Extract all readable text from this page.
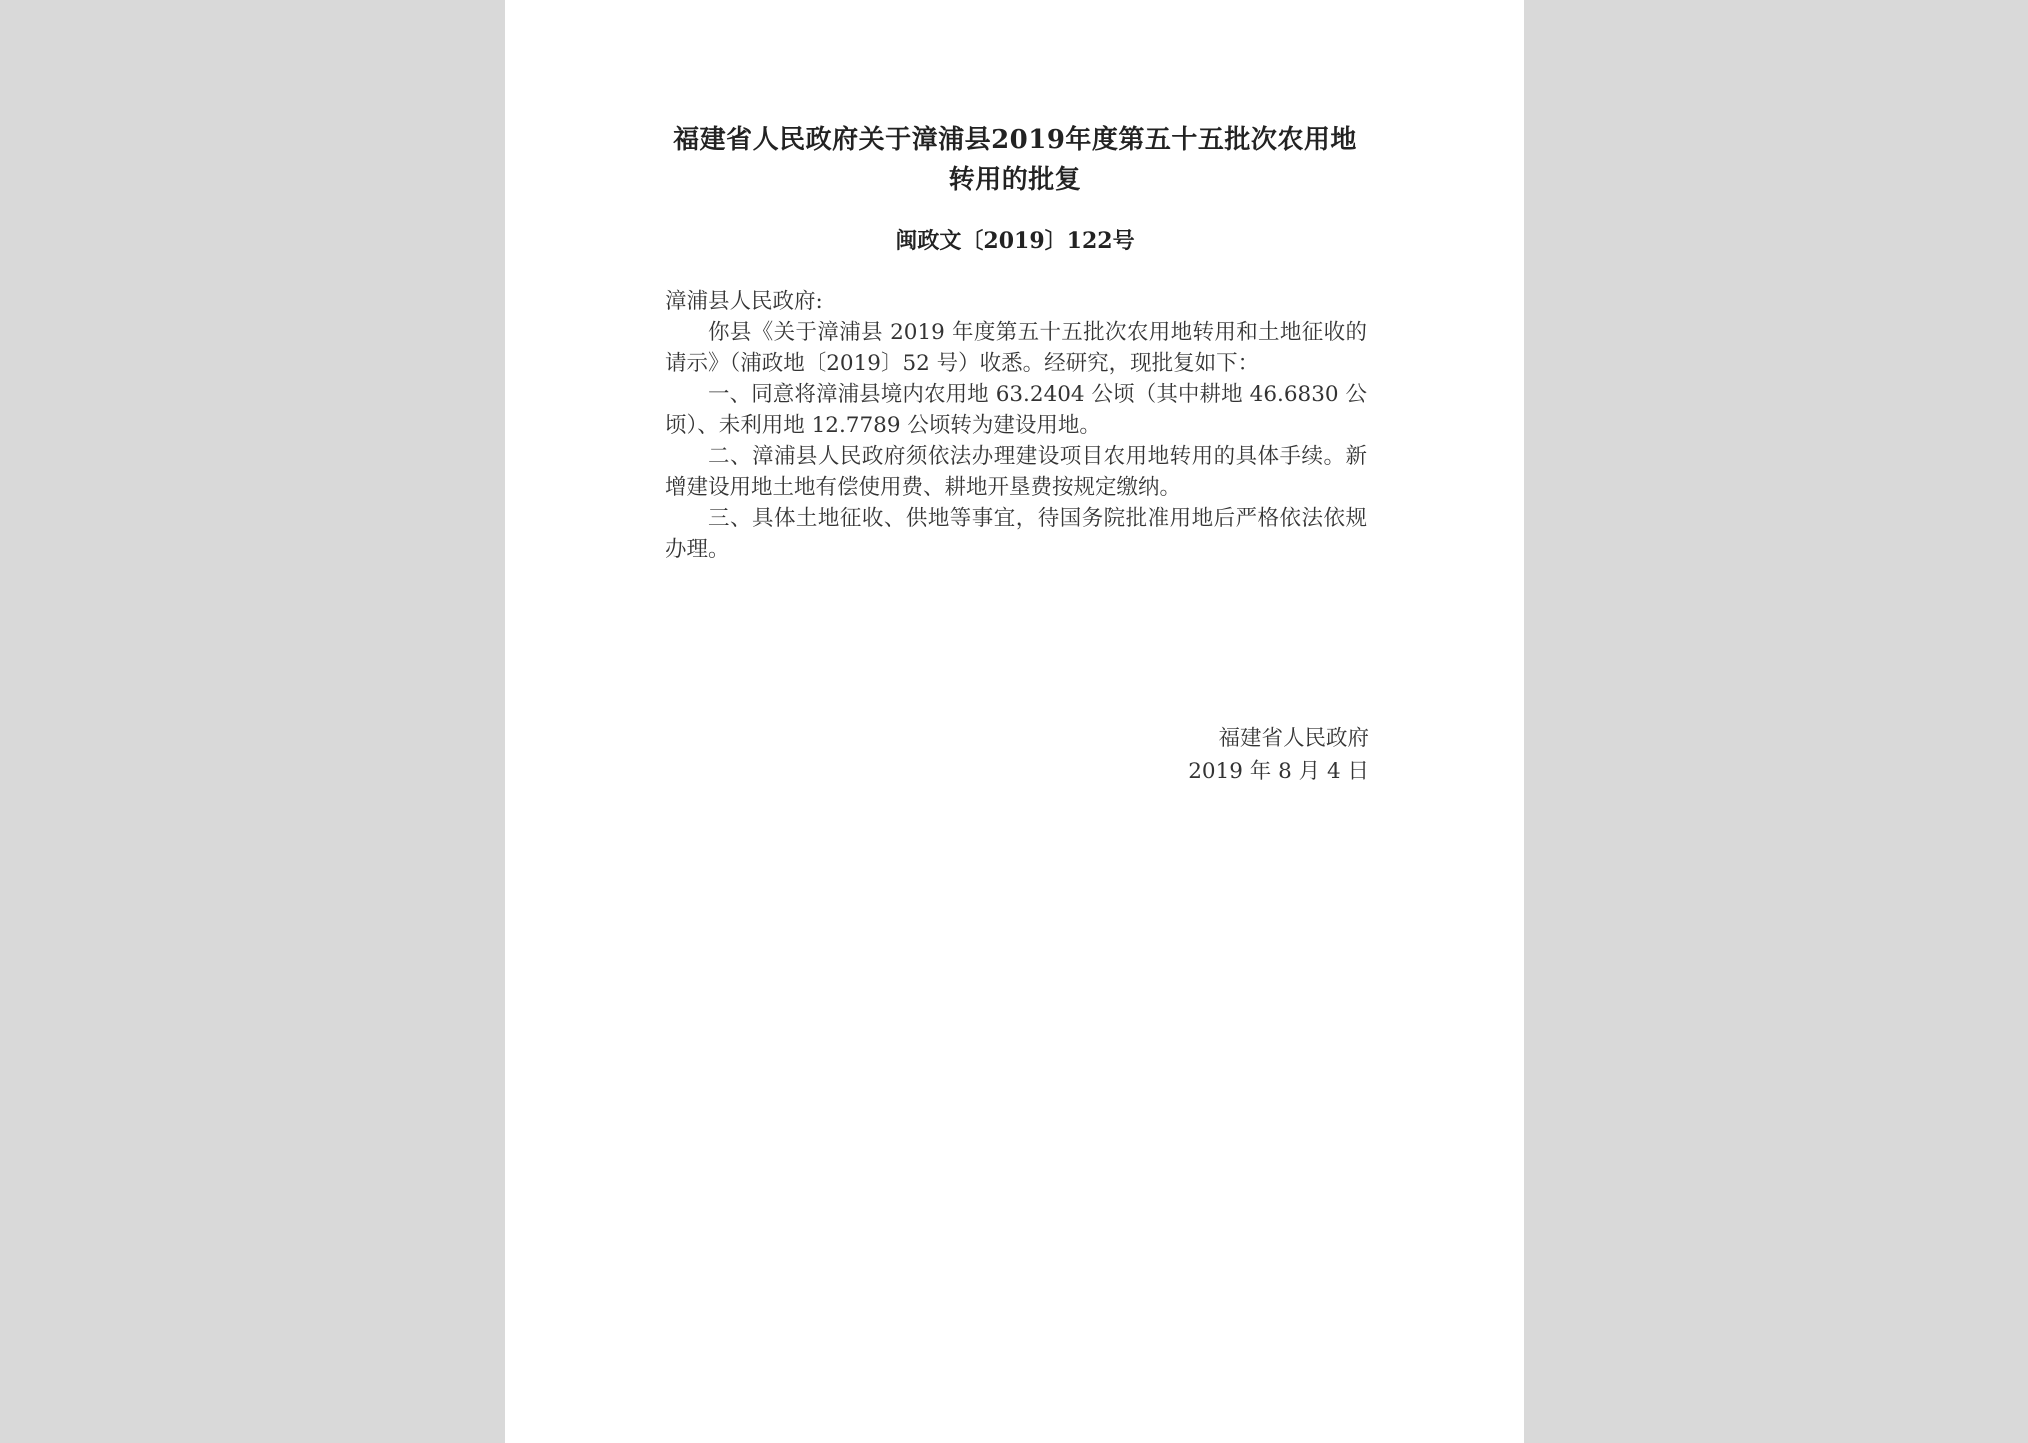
福建省人民政府关于漳浦县2019年度第五十五批次农用地转用的批复
闽政文〔2019〕122号

漳浦县人民政府:

你县《关于漳浦县 2019 年度第五十五批次农用地转用和土地征收的请示》（浦政地〔2019〕52 号）收悉。经研究，现批复如下：

一、同意将漳浦县境内农用地 63.2404 公顷（其中耕地 46.6830 公顷）、未利用地 12.7789 公顷转为建设用地。

二、漳浦县人民政府须依法办理建设项目农用地转用的具体手续。新增建设用地土地有偿使用费、耕地开垦费按规定缴纳。

三、具体土地征收、供地等事宜，待国务院批准用地后严格依法依规办理。

福建省人民政府
2019 年 8 月 4 日
